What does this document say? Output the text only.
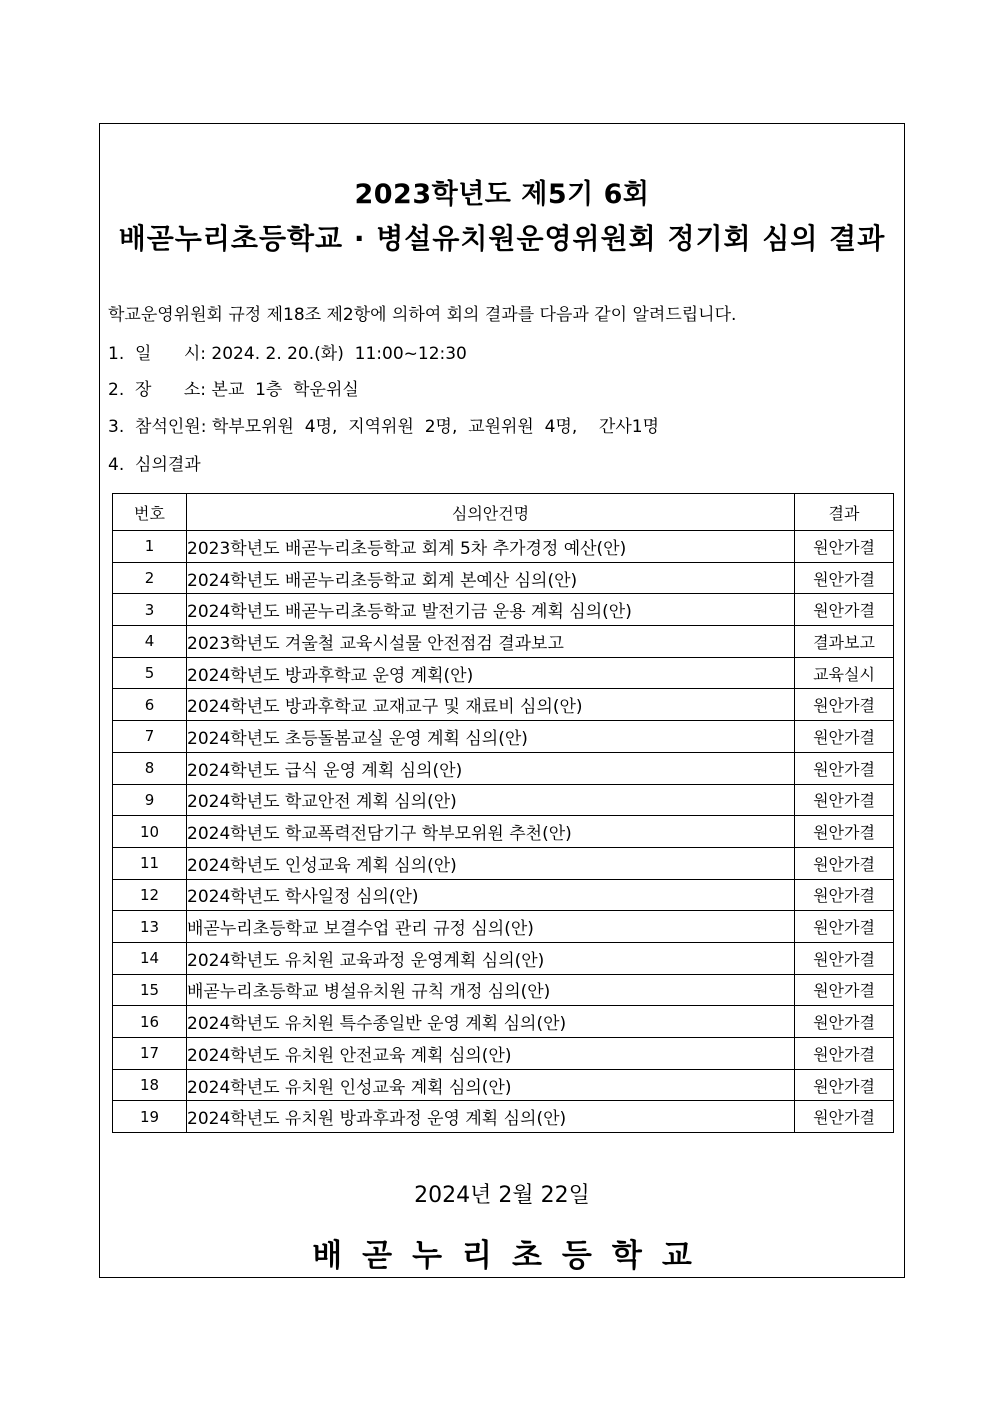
2023학년도 제5기 6회
배곧누리초등학교 · 병설유치원운영위원회 정기회 심의 결과
학교운영위원회 규정 제18조 제2항에 의하여 회의 결과를 다음과 같이 알려드립니다.
1.  일      시: 2024. 2. 20.(화)  11:00~12:30
2.  장      소: 본교  1층  학운위실
3.  참석인원: 학부모위원  4명,  지역위원  2명,  교원위원  4명,    간사1명
4.  심의결과
번호	심의안건명	결과
1	2023학년도 배곧누리초등학교 회계 5차 추가경정 예산(안)	원안가결
2	2024학년도 배곧누리초등학교 회계 본예산 심의(안)	원안가결
3	2024학년도 배곧누리초등학교 발전기금 운용 계획 심의(안)	원안가결
4	2023학년도 겨울철 교육시설물 안전점검 결과보고	결과보고
5	2024학년도 방과후학교 운영 계획(안)	교육실시
6	2024학년도 방과후학교 교재교구 및 재료비 심의(안)	원안가결
7	2024학년도 초등돌봄교실 운영 계획 심의(안)	원안가결
8	2024학년도 급식 운영 계획 심의(안)	원안가결
9	2024학년도 학교안전 계획 심의(안)	원안가결
10	2024학년도 학교폭력전담기구 학부모위원 추천(안)	원안가결
11	2024학년도 인성교육 계획 심의(안)	원안가결
12	2024학년도 학사일정 심의(안)	원안가결
13	배곧누리초등학교 보결수업 관리 규정 심의(안)	원안가결
14	2024학년도 유치원 교육과정 운영계획 심의(안)	원안가결
15	배곧누리초등학교 병설유치원 규칙 개정 심의(안)	원안가결
16	2024학년도 유치원 특수종일반 운영 계획 심의(안)	원안가결
17	2024학년도 유치원 안전교육 계획 심의(안)	원안가결
18	2024학년도 유치원 인성교육 계획 심의(안)	원안가결
19	2024학년도 유치원 방과후과정 운영 계획 심의(안)	원안가결
2024년 2월 22일
배곧누리초등학교
